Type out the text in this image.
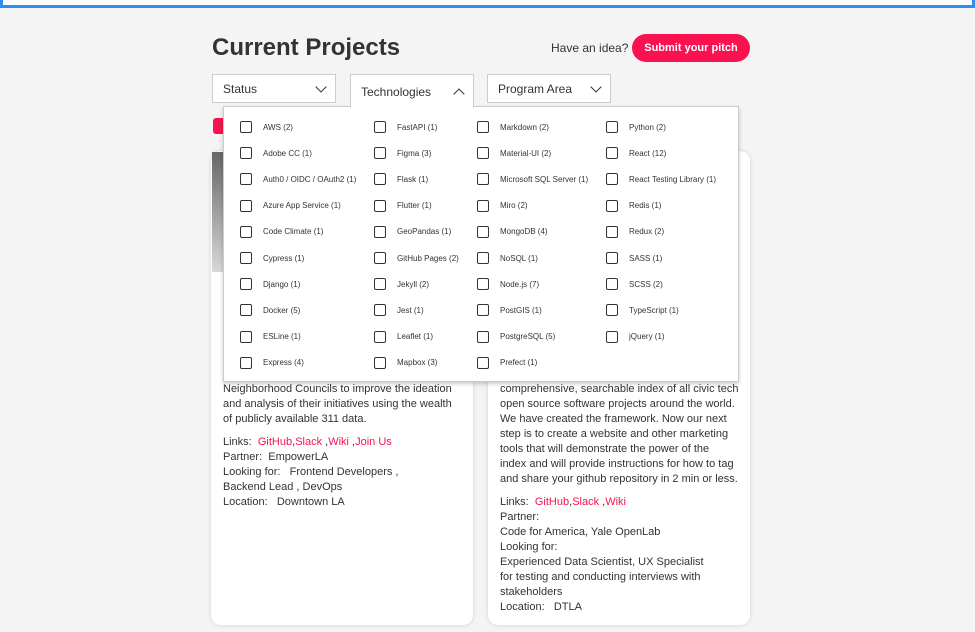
Current Projects	Have an idea?	Submit your pitch
Status	Technologies	Program Area

Neighborhood Councils to improve the ideation
and analysis of their initiatives using the wealth
of publicly available 311 data.

Links: GitHub,Slack ,Wiki ,Join Us
Partner: EmpowerLA
Looking for: Frontend Developers ,
Backend Lead , DevOps
Location: Downtown LA

comprehensive, searchable index of all civic tech
open source software projects around the world.
We have created the framework. Now our next
step is to create a website and other marketing
tools that will demonstrate the power of the
index and will provide instructions for how to tag
and share your github repository in 2 min or less.

Links: GitHub,Slack ,Wiki
Partner:
Code for America, Yale OpenLab
Looking for:
Experienced Data Scientist, UX Specialist
for testing and conducting interviews with
stakeholders
Location: DTLA
AWS (2)
Adobe CC (1)
Auth0 / OIDC / OAuth2 (1)
Azure App Service (1)
Code Climate (1)
Cypress (1)
Django (1)
Docker (5)
ESLine (1)
Express (4)
FastAPI (1)
Figma (3)
Flask (1)
Flutter (1)
GeoPandas (1)
GitHub Pages (2)
Jekyll (2)
Jest (1)
Leaflet (1)
Mapbox (3)
Markdown (2)
Material-UI (2)
Microsoft SQL Server (1)
Miro (2)
MongoDB (4)
NoSQL (1)
Node.js (7)
PostGIS (1)
PostgreSQL (5)
Prefect (1)
Python (2)
React (12)
React Testing Library (1)
Redis (1)
Redux (2)
SASS (1)
SCSS (2)
TypeScript (1)
jQuery (1)
